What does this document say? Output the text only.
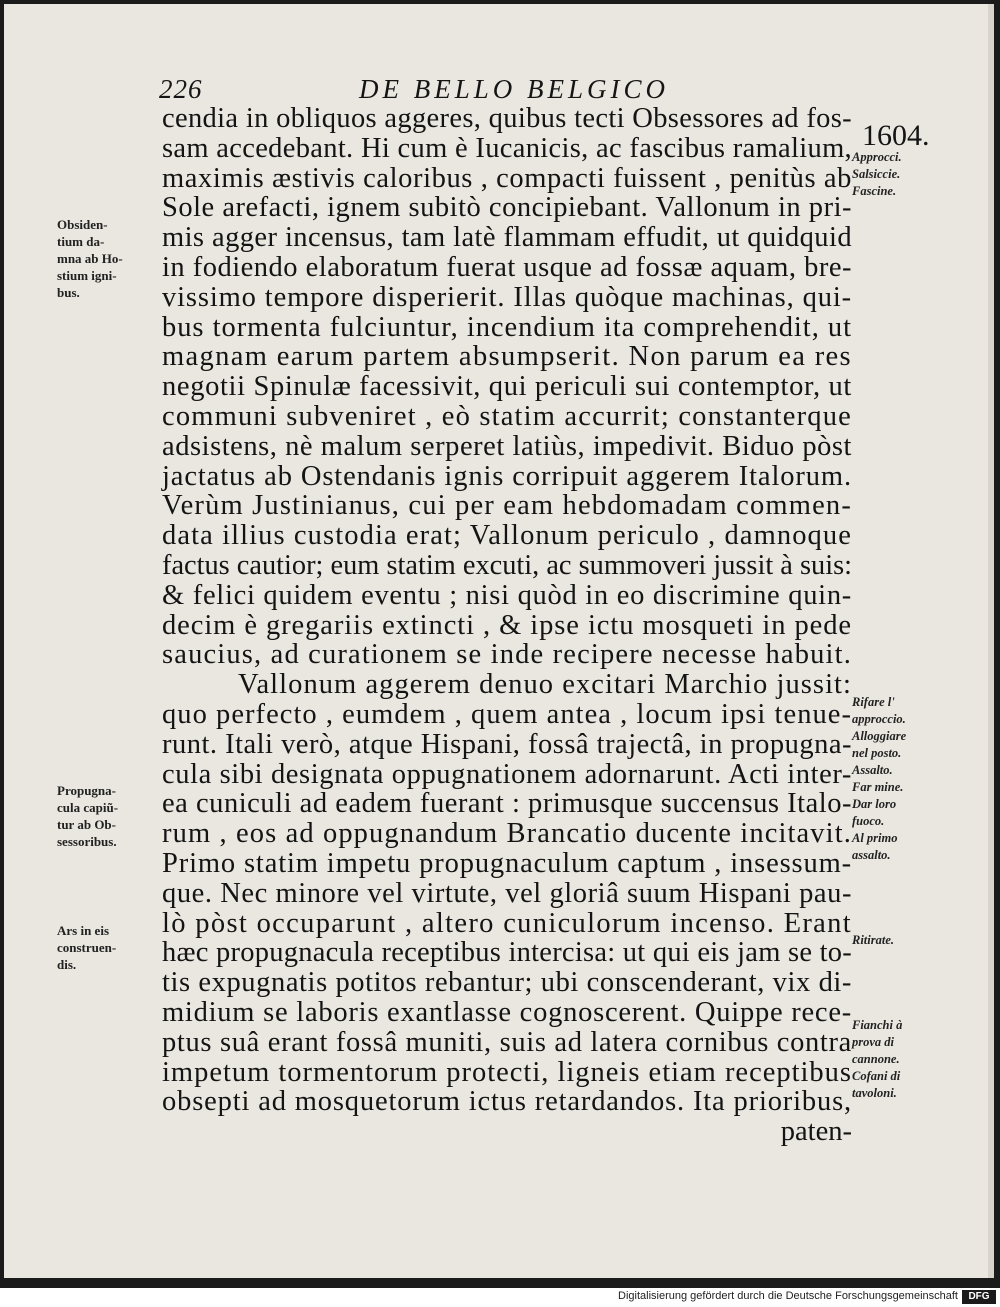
226	DE BELLO BELGICO
1604.
cendia in obliquos aggeres, quibus tecti Obsessores ad fos-
sam accedebant. Hi cum è Iucanicis, ac fascibus ramalium,
maximis æstivis caloribus , compacti fuissent , penitùs ab
Sole arefacti, ignem subitò concipiebant. Vallonum in pri-
mis agger incensus, tam latè flammam effudit, ut quidquid
in fodiendo elaboratum fuerat usque ad fossæ aquam, bre-
vissimo tempore disperierit. Illas quòque machinas, qui-
bus tormenta fulciuntur, incendium ita comprehendit, ut
magnam earum partem absumpserit. Non parum ea res
negotii Spinulæ facessivit, qui periculi sui contemptor, ut
communi subveniret , eò statim accurrit; constanterque
adsistens, nè malum serperet latiùs, impedivit. Biduo pòst
jactatus ab Ostendanis ignis corripuit aggerem Italorum.
Verùm Justinianus, cui per eam hebdomadam commen-
data illius custodia erat; Vallonum periculo , damnoque
factus cautior; eum statim excuti, ac summoveri jussit à suis:
& felici quidem eventu ; nisi quòd in eo discrimine quin-
decim è gregariis extincti , & ipse ictu mosqueti in pede
saucius, ad curationem se inde recipere necesse habuit.
Vallonum aggerem denuo excitari Marchio jussit:
quo perfecto , eumdem , quem antea , locum ipsi tenue-
runt. Itali verò, atque Hispani, fossâ trajectâ, in propugna-
cula sibi designata oppugnationem adornarunt. Acti inter-
ea cuniculi ad eadem fuerant : primusque succensus Italo-
rum , eos ad oppugnandum Brancatio ducente incitavit.
Primo statim impetu propugnaculum captum , insessum-
que. Nec minore vel virtute, vel gloriâ suum Hispani pau-
lò pòst occuparunt , altero cuniculorum incenso. Erant
hæc propugnacula receptibus intercisa: ut qui eis jam se to-
tis expugnatis potitos rebantur; ubi conscenderant, vix di-
midium se laboris exantlasse cognoscerent. Quippe rece-
ptus suâ erant fossâ muniti, suis ad latera cornibus contra
impetum tormentorum protecti, ligneis etiam receptibus
obsepti ad mosquetorum ictus retardandos. Ita prioribus,
paten-
Obsiden-
tium da-
mna ab Ho-
stium igni-
bus.
Propugna-
cula capiũ-
tur ab Ob-
sessoribus.
Ars in eis
construen-
dis.
Approcci.
Salsiccie.
Fascine.
Rifare l'
approccio.
Alloggiare
nel posto.
Assalto.
Far mine.
Dar loro
fuoco.
Al primo
assalto.
Ritirate.
Fianchi à
prova di
cannone.
Cofani di
tavoloni.
Digitalisierung gefördert durch die Deutsche Forschungsgemeinschaft	DFG
